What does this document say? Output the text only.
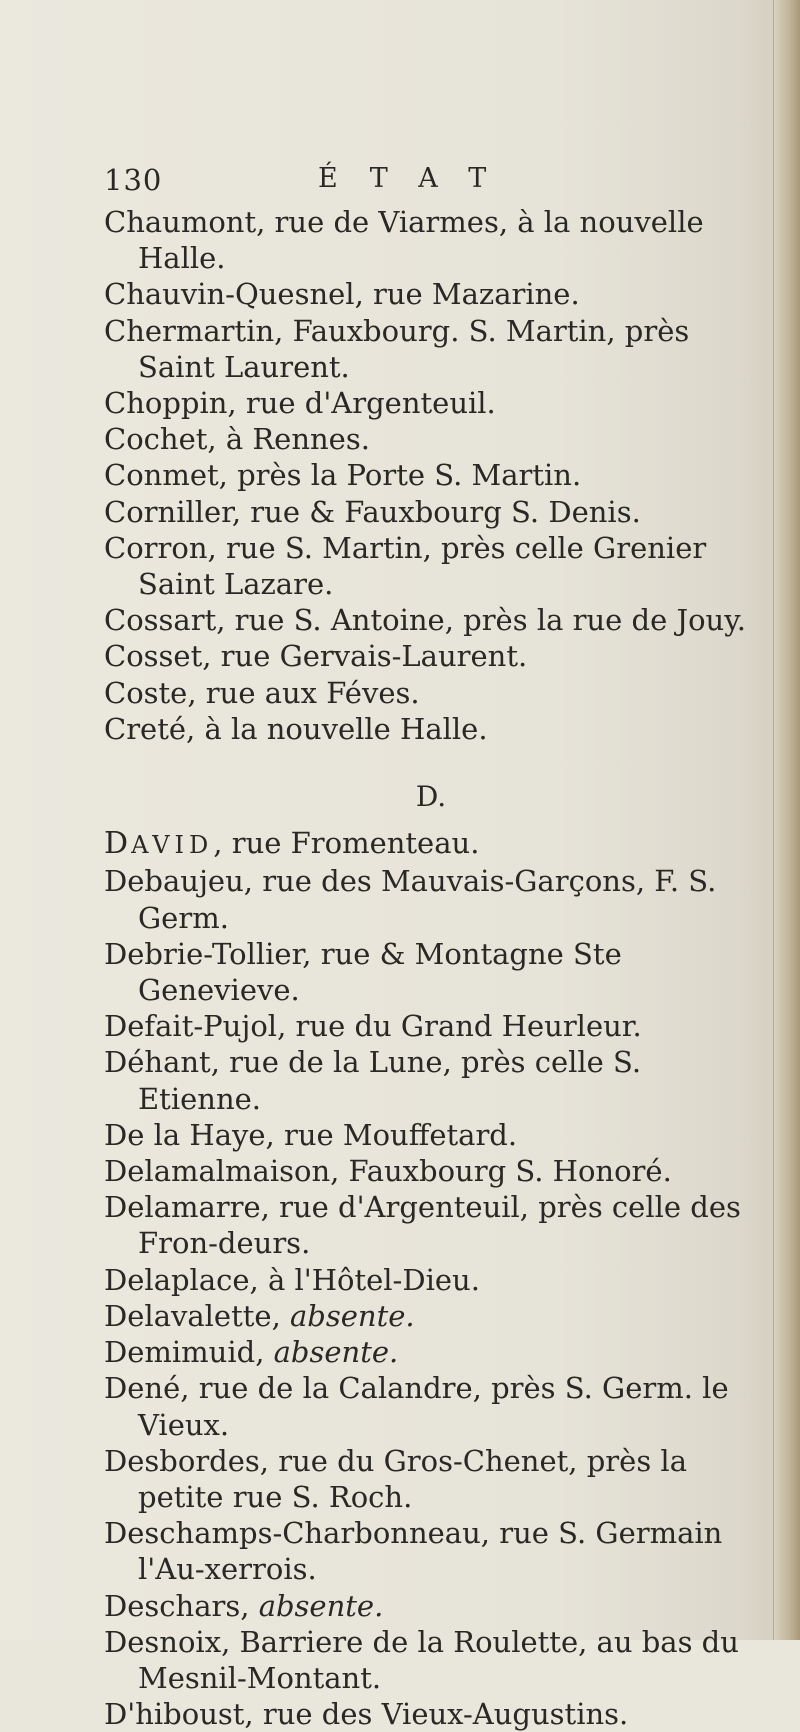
130	ÉTAT
Chaumont, rue de Viarmes, à la nouvelle Halle.
Chauvin-Quesnel, rue Mazarine.
Chermartin, Fauxbourg. S. Martin, près Saint Laurent.
Choppin, rue d'Argenteuil.
Cochet, à Rennes.
Conmet, près la Porte S. Martin.
Corniller, rue & Fauxbourg S. Denis.
Corron, rue S. Martin, près celle Grenier Saint Lazare.
Cossart, rue S. Antoine, près la rue de Jouy.
Cosset, rue Gervais-Laurent.
Coste, rue aux Féves.
Creté, à la nouvelle Halle.
D.
DAVID, rue Fromenteau.
Debaujeu, rue des Mauvais-Garçons, F. S. Germ.
Debrie-Tollier, rue & Montagne Ste Genevieve.
Defait-Pujol, rue du Grand Heurleur.
Déhant, rue de la Lune, près celle S. Etienne.
De la Haye, rue Mouffetard.
Delamalmaison, Fauxbourg S. Honoré.
Delamarre, rue d'Argenteuil, près celle des Fron-deurs.
Delaplace, à l'Hôtel-Dieu.
Delavalette, absente.
Demimuid, absente.
Dené, rue de la Calandre, près S. Germ. le Vieux.
Desbordes, rue du Gros-Chenet, près la petite rue S. Roch.
Deschamps-Charbonneau, rue S. Germain l'Au-xerrois.
Deschars, absente.
Desnoix, Barriere de la Roulette, au bas du Mesnil-Montant.
D'hiboust, rue des Vieux-Augustins.
